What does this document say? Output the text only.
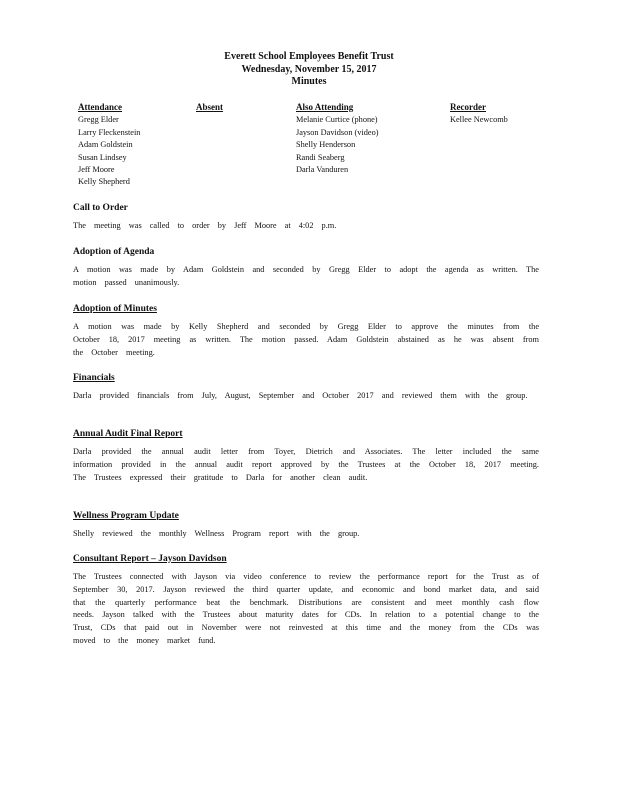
Everett School Employees Benefit Trust
Wednesday, November 15, 2017
Minutes
Attendance
Gregg Elder
Larry Fleckenstein
Adam Goldstein
Susan Lindsey
Jeff Moore
Kelly Shepherd
Absent	Also Attending
Melanie Curtice (phone)
Jayson Davidson (video)
Shelly Henderson
Randi Seaberg
Darla Vanduren
Recorder
Kellee Newcomb
Call to Order
The meeting was called to order by Jeff Moore at 4:02 p.m.
Adoption of Agenda
A motion was made by Adam Goldstein and seconded by Gregg Elder to adopt the agenda as written. The motion passed unanimously.
Adoption of Minutes
A motion was made by Kelly Shepherd and seconded by Gregg Elder to approve the minutes from the October 18, 2017 meeting as written. The motion passed. Adam Goldstein abstained as he was absent from the October meeting.
Financials
Darla provided financials from July, August, September and October 2017 and reviewed them with the group.
Annual Audit Final Report
Darla provided the annual audit letter from Toyer, Dietrich and Associates. The letter included the same information provided in the annual audit report approved by the Trustees at the October 18, 2017 meeting. The Trustees expressed their gratitude to Darla for another clean audit.
Wellness Program Update
Shelly reviewed the monthly Wellness Program report with the group.
Consultant Report – Jayson Davidson
The Trustees connected with Jayson via video conference to review the performance report for the Trust as of September 30, 2017. Jayson reviewed the third quarter update, and economic and bond market data, and said that the quarterly performance beat the benchmark. Distributions are consistent and meet monthly cash flow needs. Jayson talked with the Trustees about maturity dates for CDs. In relation to a potential change to the Trust, CDs that paid out in November were not reinvested at this time and the money from the CDs was moved to the money market fund.
